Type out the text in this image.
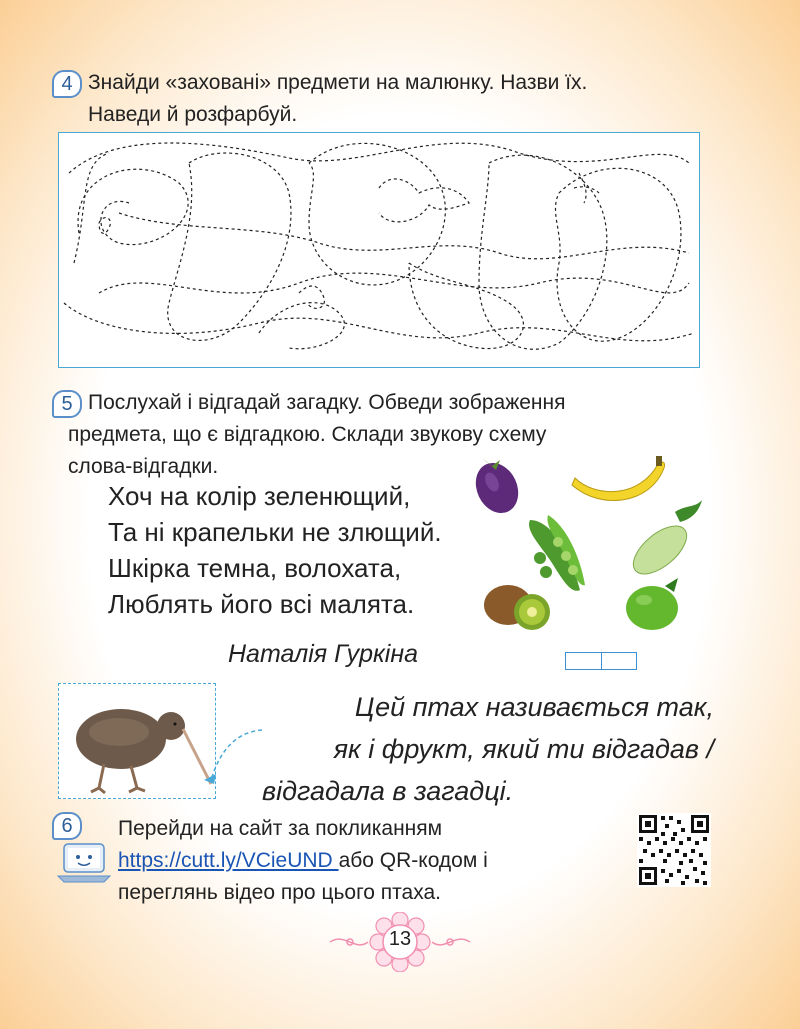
4 Знайди «заховані» предмети на малюнку. Назви їх.
Наведи й розфарбуй.
5 Послухай і відгадай загадку. Обведи зображення
предмета, що є відгадкою. Склади звукову схему
слова-відгадки.
Хоч на колір зеленющий,
Та ні крапельки не злющий.
Шкірка темна, волохата,
Люблять його всі малята.
Наталія Гуркіна
Цей птах називається так,
як і фрукт, який ти відгадав /
відгадала в загадці.
6	Перейди на сайт за покликанням
https://cutt.ly/VCieUND або QR-кодом і
переглянь відео про цього птаха.
13
